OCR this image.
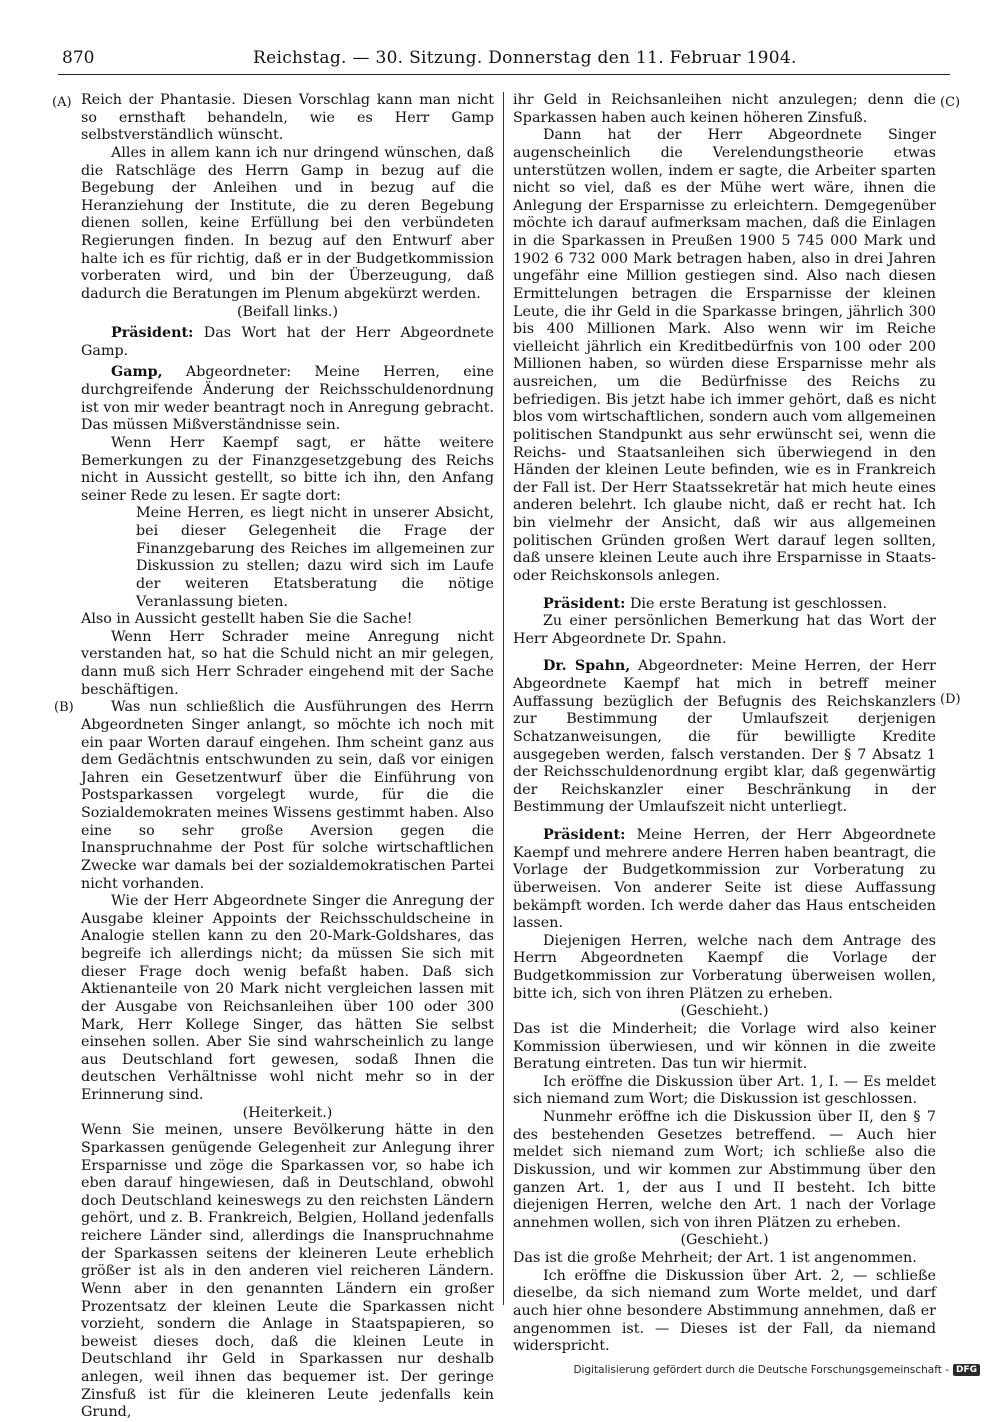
870	Reichstag. — 30. Sitzung. Donnerstag den 11. Februar 1904.
(A)
(B)
(C)
(D)

Reich der Phantasie. Diesen Vorschlag kann man nicht so ernsthaft behandeln, wie es Herr Gamp selbstverständlich wünscht.

Alles in allem kann ich nur dringend wünschen, daß die Ratschläge des Herrn Gamp in bezug auf die Begebung der Anleihen und in bezug auf die Heranziehung der Institute, die zu deren Begebung dienen sollen, keine Erfüllung bei den verbündeten Regierungen finden. In bezug auf den Entwurf aber halte ich es für richtig, daß er in der Budgetkommission vorberaten wird, und bin der Überzeugung, daß dadurch die Beratungen im Plenum abgekürzt werden.

(Beifall links.)

Präsident: Das Wort hat der Herr Abgeordnete Gamp.

Gamp, Abgeordneter: Meine Herren, eine durchgreifende Änderung der Reichsschuldenordnung ist von mir weder beantragt noch in Anregung gebracht. Das müssen Mißverständnisse sein.

Wenn Herr Kaempf sagt, er hätte weitere Bemerkungen zu der Finanzgesetzgebung des Reichs nicht in Aussicht gestellt, so bitte ich ihn, den Anfang seiner Rede zu lesen. Er sagte dort:

Meine Herren, es liegt nicht in unserer Absicht, bei dieser Gelegenheit die Frage der Finanzgebarung des Reiches im allgemeinen zur Diskussion zu stellen; dazu wird sich im Laufe der weiteren Etatsberatung die nötige Veranlassung bieten.

Also in Aussicht gestellt haben Sie die Sache!

Wenn Herr Schrader meine Anregung nicht verstanden hat, so hat die Schuld nicht an mir gelegen, dann muß sich Herr Schrader eingehend mit der Sache beschäftigen.

Was nun schließlich die Ausführungen des Herrn Abgeordneten Singer anlangt, so möchte ich noch mit ein paar Worten darauf eingehen. Ihm scheint ganz aus dem Gedächtnis entschwunden zu sein, daß vor einigen Jahren ein Gesetzentwurf über die Einführung von Postsparkassen vorgelegt wurde, für die die Sozialdemokraten meines Wissens gestimmt haben. Also eine so sehr große Aversion gegen die Inanspruchnahme der Post für solche wirtschaftlichen Zwecke war damals bei der sozialdemokratischen Partei nicht vorhanden.

Wie der Herr Abgeordnete Singer die Anregung der Ausgabe kleiner Appoints der Reichsschuldscheine in Analogie stellen kann zu den 20-Mark-Goldshares, das begreife ich allerdings nicht; da müssen Sie sich mit dieser Frage doch wenig befaßt haben. Daß sich Aktienanteile von 20 Mark nicht vergleichen lassen mit der Ausgabe von Reichsanleihen über 100 oder 300 Mark, Herr Kollege Singer, das hätten Sie selbst einsehen sollen. Aber Sie sind wahrscheinlich zu lange aus Deutschland fort gewesen, sodaß Ihnen die deutschen Verhältnisse wohl nicht mehr so in der Erinnerung sind.

(Heiterkeit.)

Wenn Sie meinen, unsere Bevölkerung hätte in den Sparkassen genügende Gelegenheit zur Anlegung ihrer Ersparnisse und zöge die Sparkassen vor, so habe ich eben darauf hingewiesen, daß in Deutschland, obwohl doch Deutschland keineswegs zu den reichsten Ländern gehört, und z. B. Frankreich, Belgien, Holland jedenfalls reichere Länder sind, allerdings die Inanspruchnahme der Sparkassen seitens der kleineren Leute erheblich größer ist als in den anderen viel reicheren Ländern. Wenn aber in den genannten Ländern ein großer Prozentsatz der kleinen Leute die Sparkassen nicht vorzieht, sondern die Anlage in Staatspapieren, so beweist dieses doch, daß die kleinen Leute in Deutschland ihr Geld in Sparkassen nur deshalb anlegen, weil ihnen das bequemer ist. Der geringe Zinsfuß ist für die kleineren Leute jedenfalls kein Grund,

ihr Geld in Reichsanleihen nicht anzulegen; denn die Sparkassen haben auch keinen höheren Zinsfuß.

Dann hat der Herr Abgeordnete Singer augenscheinlich die Verelendungstheorie etwas unterstützen wollen, indem er sagte, die Arbeiter sparten nicht so viel, daß es der Mühe wert wäre, ihnen die Anlegung der Ersparnisse zu erleichtern. Demgegenüber möchte ich darauf aufmerksam machen, daß die Einlagen in die Sparkassen in Preußen 1900 5 745 000 Mark und 1902 6 732 000 Mark betragen haben, also in drei Jahren ungefähr eine Million gestiegen sind. Also nach diesen Ermittelungen betragen die Ersparnisse der kleinen Leute, die ihr Geld in die Sparkasse bringen, jährlich 300 bis 400 Millionen Mark. Also wenn wir im Reiche vielleicht jährlich ein Kreditbedürfnis von 100 oder 200 Millionen haben, so würden diese Ersparnisse mehr als ausreichen, um die Bedürfnisse des Reichs zu befriedigen. Bis jetzt habe ich immer gehört, daß es nicht blos vom wirtschaftlichen, sondern auch vom allgemeinen politischen Standpunkt aus sehr erwünscht sei, wenn die Reichs- und Staatsanleihen sich überwiegend in den Händen der kleinen Leute befinden, wie es in Frankreich der Fall ist. Der Herr Staatssekretär hat mich heute eines anderen belehrt. Ich glaube nicht, daß er recht hat. Ich bin vielmehr der Ansicht, daß wir aus allgemeinen politischen Gründen großen Wert darauf legen sollten, daß unsere kleinen Leute auch ihre Ersparnisse in Staats- oder Reichskonsols anlegen.

Präsident: Die erste Beratung ist geschlossen.

Zu einer persönlichen Bemerkung hat das Wort der Herr Abgeordnete Dr. Spahn.

Dr. Spahn, Abgeordneter: Meine Herren, der Herr Abgeordnete Kaempf hat mich in betreff meiner Auffassung bezüglich der Befugnis des Reichskanzlers zur Bestimmung der Umlaufszeit derjenigen Schatzanweisungen, die für bewilligte Kredite ausgegeben werden, falsch verstanden. Der § 7 Absatz 1 der Reichsschuldenordnung ergibt klar, daß gegenwärtig der Reichskanzler einer Beschränkung in der Bestimmung der Umlaufszeit nicht unterliegt.

Präsident: Meine Herren, der Herr Abgeordnete Kaempf und mehrere andere Herren haben beantragt, die Vorlage der Budgetkommission zur Vorberatung zu überweisen. Von anderer Seite ist diese Auffassung bekämpft worden. Ich werde daher das Haus entscheiden lassen.

Diejenigen Herren, welche nach dem Antrage des Herrn Abgeordneten Kaempf die Vorlage der Budgetkommission zur Vorberatung überweisen wollen, bitte ich, sich von ihren Plätzen zu erheben.

(Geschieht.)

Das ist die Minderheit; die Vorlage wird also keiner Kommission überwiesen, und wir können in die zweite Beratung eintreten. Das tun wir hiermit.

Ich eröffne die Diskussion über Art. 1, I. — Es meldet sich niemand zum Wort; die Diskussion ist geschlossen.

Nunmehr eröffne ich die Diskussion über II, den § 7 des bestehenden Gesetzes betreffend. — Auch hier meldet sich niemand zum Wort; ich schließe also die Diskussion, und wir kommen zur Abstimmung über den ganzen Art. 1, der aus I und II besteht. Ich bitte diejenigen Herren, welche den Art. 1 nach der Vorlage annehmen wollen, sich von ihren Plätzen zu erheben.

(Geschieht.)

Das ist die große Mehrheit; der Art. 1 ist angenommen.

Ich eröffne die Diskussion über Art. 2, — schließe dieselbe, da sich niemand zum Worte meldet, und darf auch hier ohne besondere Abstimmung annehmen, daß er angenommen ist. — Dieses ist der Fall, da niemand widerspricht.

Digitalisierung gefördert durch die Deutsche Forschungsgemeinschaft - DFG
